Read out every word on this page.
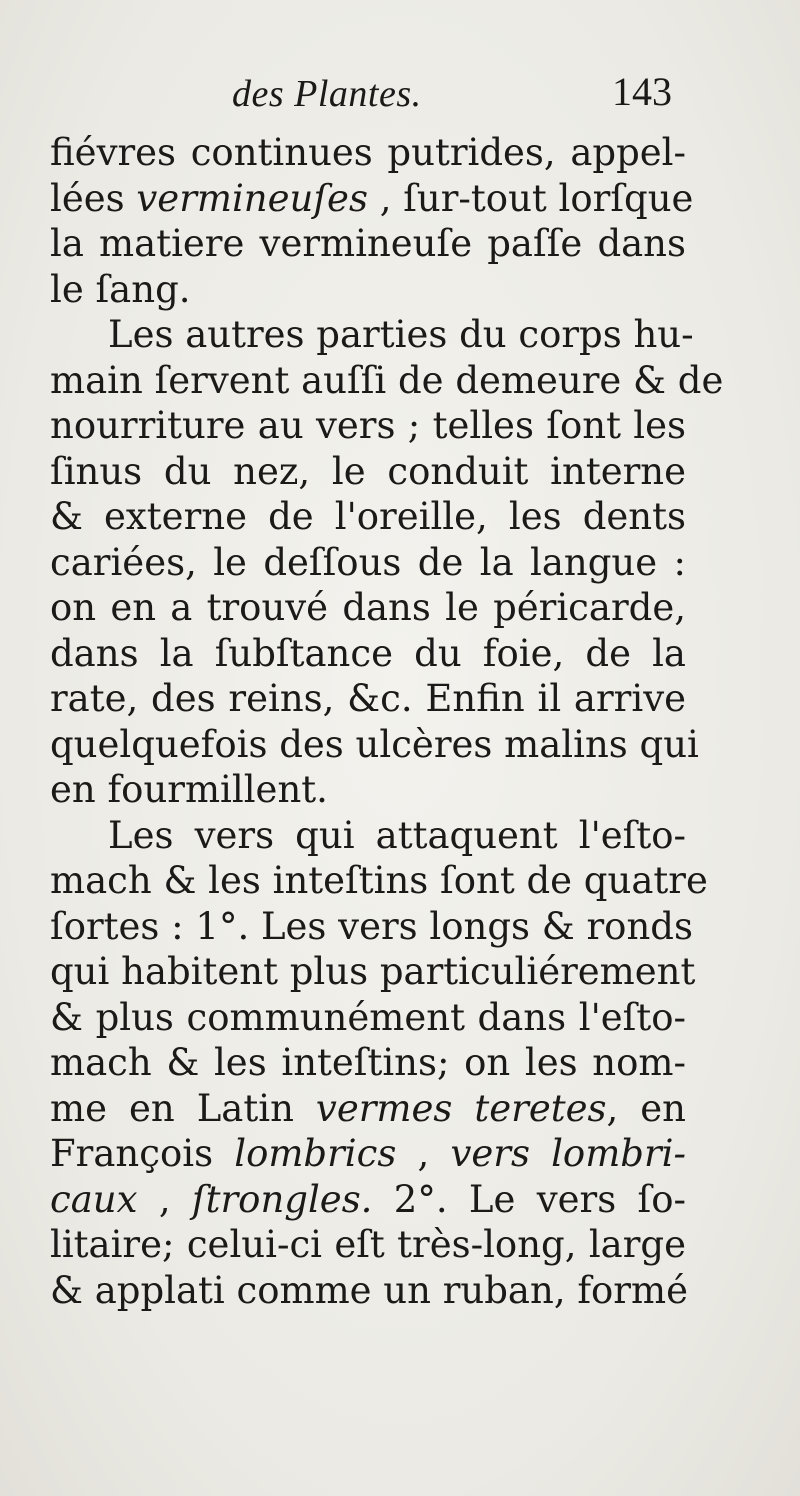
des Plantes.	143
fiévres continues putrides, appel-
lées vermineuſes , ſur-tout lorſque
la matiere vermineuſe paſſe dans
le ſang.
Les autres parties du corps hu-
main ſervent auſſi de demeure & de
nourriture au vers ; telles ſont les
ſinus du nez, le conduit interne
& externe de l'oreille, les dents
cariées, le deſſous de la langue :
on en a trouvé dans le péricarde,
dans la ſubſtance du foie, de la
rate, des reins, &c. Enfin il arrive
quelquefois des ulcères malins qui
en fourmillent.
Les vers qui attaquent l'eſto-
mach & les inteſtins ſont de quatre
ſortes : 1°. Les vers longs & ronds
qui habitent plus particuliérement
& plus communément dans l'eſto-
mach & les inteſtins; on les nom-
me en Latin vermes teretes, en
François lombrics , vers lombri-
caux , ſtrongles. 2°. Le vers ſo-
litaire; celui-ci eſt très-long, large
& applati comme un ruban, formé
